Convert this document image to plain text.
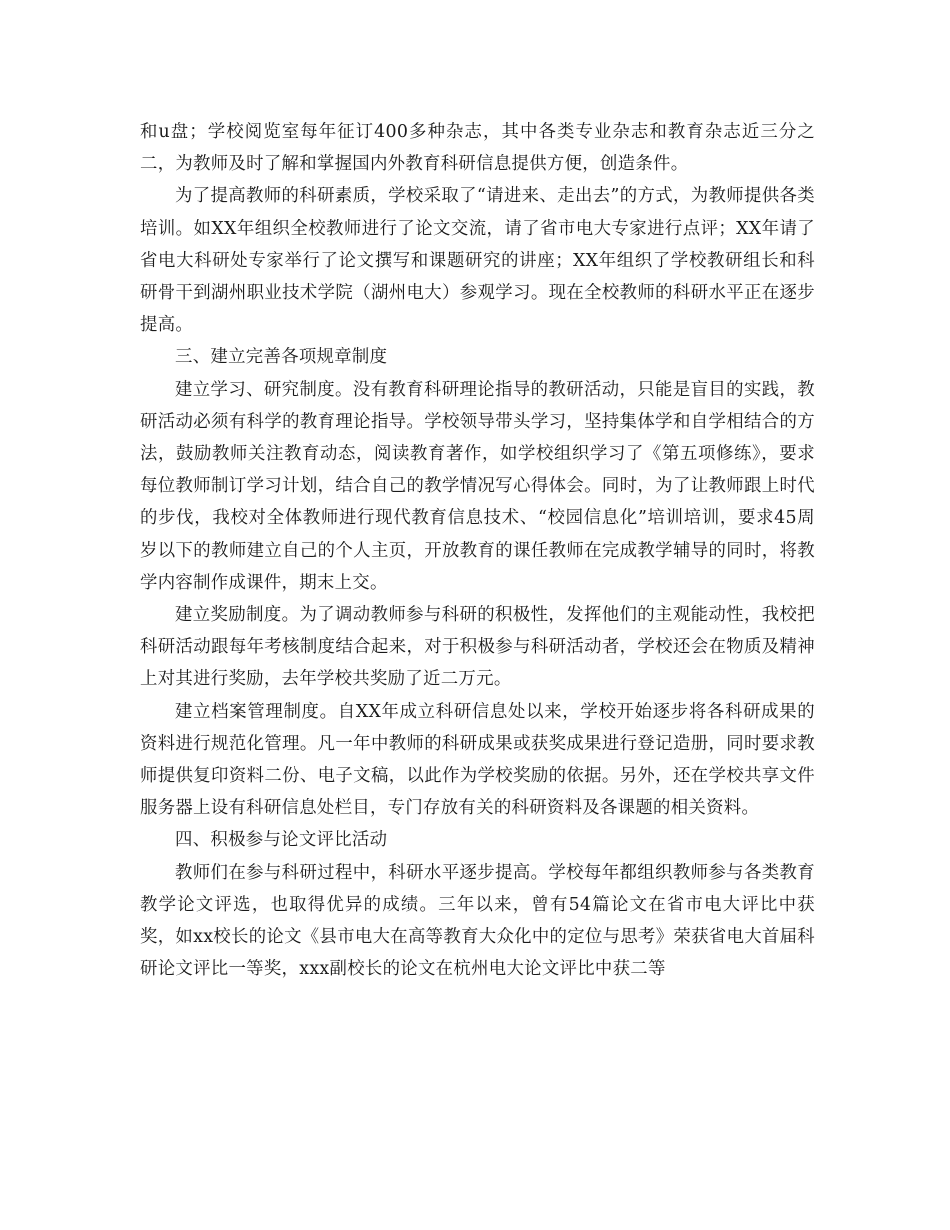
和u盘；学校阅览室每年征订400多种杂志，其中各类专业杂志和教育杂志近三分之二，为教师及时了解和掌握国内外教育科研信息提供方便，创造条件。

为了提高教师的科研素质，学校采取了“请进来、走出去”的方式，为教师提供各类培训。如XX年组织全校教师进行了论文交流，请了省市电大专家进行点评；XX年请了省电大科研处专家举行了论文撰写和课题研究的讲座；XX年组织了学校教研组长和科研骨干到湖州职业技术学院（湖州电大）参观学习。现在全校教师的科研水平正在逐步提高。

三、建立完善各项规章制度

建立学习、研究制度。没有教育科研理论指导的教研活动，只能是盲目的实践，教研活动必须有科学的教育理论指导。学校领导带头学习，坚持集体学和自学相结合的方法，鼓励教师关注教育动态，阅读教育著作，如学校组织学习了《第五项修练》，要求每位教师制订学习计划，结合自己的教学情况写心得体会。同时，为了让教师跟上时代的步伐，我校对全体教师进行现代教育信息技术、“校园信息化”培训培训，要求45周岁以下的教师建立自己的个人主页，开放教育的课任教师在完成教学辅导的同时，将教学内容制作成课件，期末上交。

建立奖励制度。为了调动教师参与科研的积极性，发挥他们的主观能动性，我校把科研活动跟每年考核制度结合起来，对于积极参与科研活动者，学校还会在物质及精神上对其进行奖励，去年学校共奖励了近二万元。

建立档案管理制度。自XX年成立科研信息处以来，学校开始逐步将各科研成果的资料进行规范化管理。凡一年中教师的科研成果或获奖成果进行登记造册，同时要求教师提供复印资料二份、电子文稿，以此作为学校奖励的依据。另外，还在学校共享文件服务器上设有科研信息处栏目，专门存放有关的科研资料及各课题的相关资料。

四、积极参与论文评比活动

教师们在参与科研过程中，科研水平逐步提高。学校每年都组织教师参与各类教育教学论文评选，也取得优异的成绩。三年以来，曾有54篇论文在省市电大评比中获奖，如xx校长的论文《县市电大在高等教育大众化中的定位与思考》荣获省电大首届科研论文评比一等奖，xxx副校长的论文在杭州电大论文评比中获二等
